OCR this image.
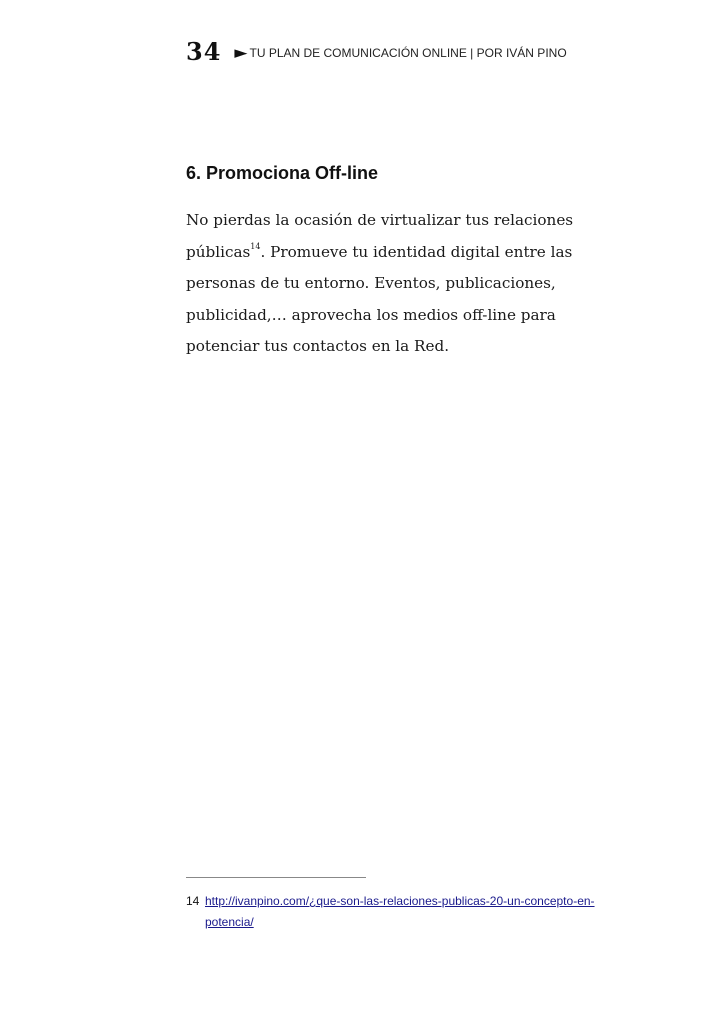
34 ► TU PLAN DE COMUNICACIÓN ONLINE | POR IVÁN PINO
6. Promociona Off-line

No pierdas la ocasión de virtualizar tus relaciones públicas$^{14}$. Promueve tu identidad digital entre las personas de tu entorno. Eventos, publicaciones, publicidad,… aprovecha los medios off-line para potenciar tus contactos en la Red.

14 http://ivanpino.com/¿que-son-las-relaciones-publicas-20-un-concepto-en-
potencia/
